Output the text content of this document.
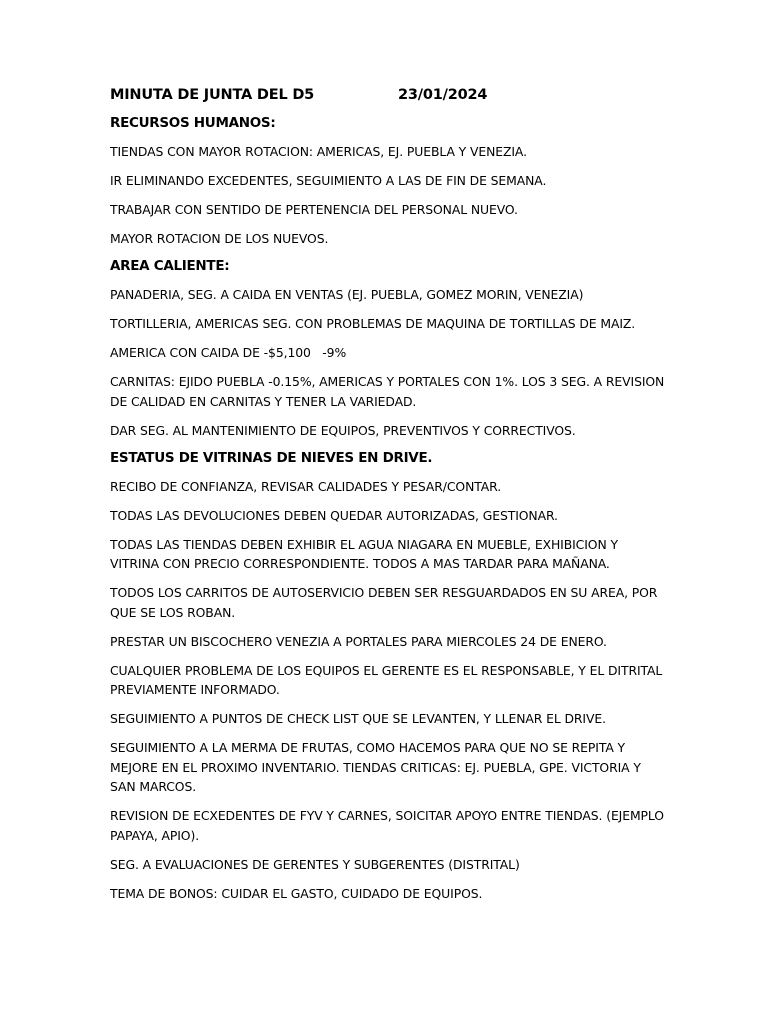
MINUTA DE JUNTA DEL D5	23/01/2024
RECURSOS HUMANOS:

TIENDAS CON MAYOR ROTACION: AMERICAS, EJ. PUEBLA Y VENEZIA.

IR ELIMINANDO EXCEDENTES, SEGUIMIENTO A LAS DE FIN DE SEMANA.

TRABAJAR CON SENTIDO DE PERTENENCIA DEL PERSONAL NUEVO.

MAYOR ROTACION DE LOS NUEVOS.

AREA CALIENTE:

PANADERIA, SEG. A CAIDA EN VENTAS (EJ. PUEBLA, GOMEZ MORIN, VENEZIA)

TORTILLERIA, AMERICAS SEG. CON PROBLEMAS DE MAQUINA DE TORTILLAS DE MAIZ.

AMERICA CON CAIDA DE -$5,100   -9%

CARNITAS: EJIDO PUEBLA -0.15%, AMERICAS Y PORTALES CON 1%. LOS 3 SEG. A REVISION DE CALIDAD EN CARNITAS Y TENER LA VARIEDAD.

DAR SEG. AL MANTENIMIENTO DE EQUIPOS, PREVENTIVOS Y CORRECTIVOS.

ESTATUS DE VITRINAS DE NIEVES EN DRIVE.

RECIBO DE CONFIANZA, REVISAR CALIDADES Y PESAR/CONTAR.

TODAS LAS DEVOLUCIONES DEBEN QUEDAR AUTORIZADAS, GESTIONAR.

TODAS LAS TIENDAS DEBEN EXHIBIR EL AGUA NIAGARA EN MUEBLE, EXHIBICION Y VITRINA CON PRECIO CORRESPONDIENTE. TODOS A MAS TARDAR PARA MAÑANA.

TODOS LOS CARRITOS DE AUTOSERVICIO DEBEN SER RESGUARDADOS EN SU AREA, POR QUE SE LOS ROBAN.

PRESTAR UN BISCOCHERO VENEZIA A PORTALES PARA MIERCOLES 24 DE ENERO.

CUALQUIER PROBLEMA DE LOS EQUIPOS EL GERENTE ES EL RESPONSABLE, Y EL DITRITAL PREVIAMENTE INFORMADO.

SEGUIMIENTO A PUNTOS DE CHECK LIST QUE SE LEVANTEN, Y LLENAR EL DRIVE.

SEGUIMIENTO A LA MERMA DE FRUTAS, COMO HACEMOS PARA QUE NO SE REPITA Y MEJORE EN EL PROXIMO INVENTARIO. TIENDAS CRITICAS: EJ. PUEBLA, GPE. VICTORIA Y SAN MARCOS.

REVISION DE ECXEDENTES DE FYV Y CARNES, SOICITAR APOYO ENTRE TIENDAS. (EJEMPLO PAPAYA, APIO).

SEG. A EVALUACIONES DE GERENTES Y SUBGERENTES (DISTRITAL)

TEMA DE BONOS: CUIDAR EL GASTO, CUIDADO DE EQUIPOS.
